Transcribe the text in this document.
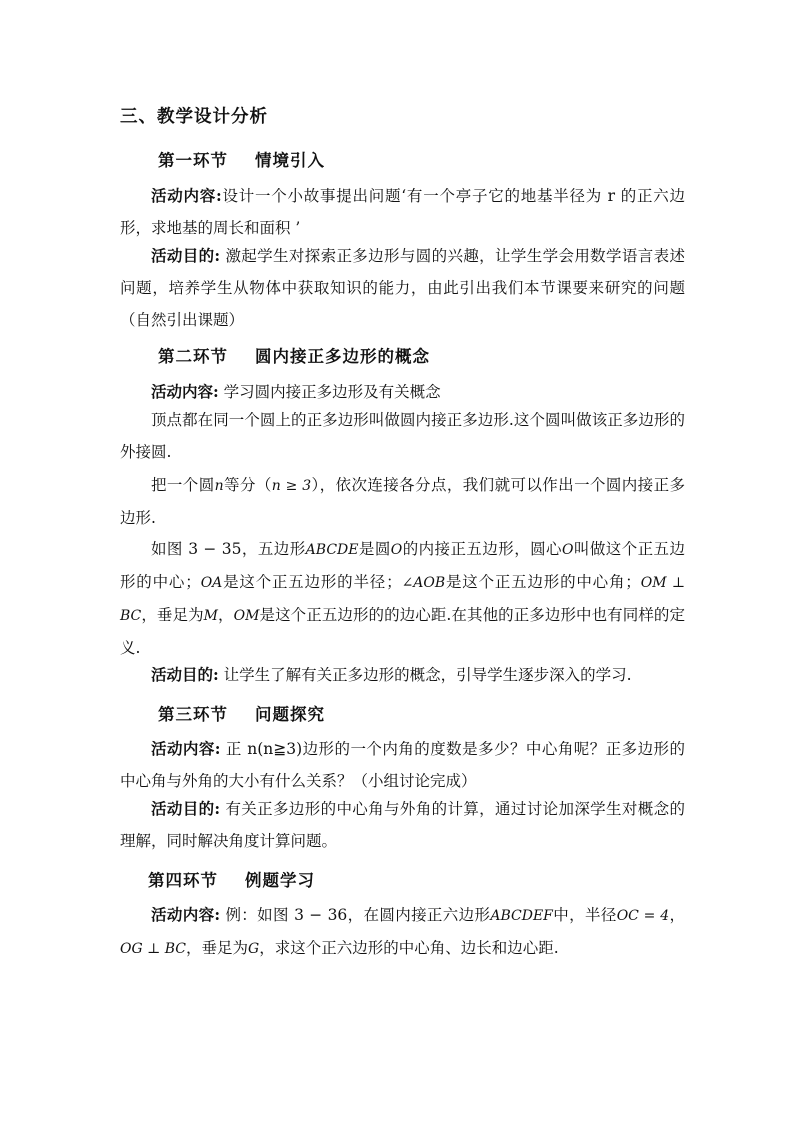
三、教学设计分析
第一环节    情境引入

活动内容:设计一个小故事提出问题‘有一个亭子它的地基半径为 r 的正六边形，求地基的周长和面积 ’

活动目的: 激起学生对探索正多边形与圆的兴趣，让学生学会用数学语言表述问题，培养学生从物体中获取知识的能力，由此引出我们本节课要来研究的问题（自然引出课题）

第二环节    圆内接正多边形的概念

活动内容: 学习圆内接正多边形及有关概念

顶点都在同一个圆上的正多边形叫做圆内接正多边形.这个圆叫做该正多边形的外接圆.

把一个圆n等分（n ≥ 3），依次连接各分点，我们就可以作出一个圆内接正多边形.

如图 3 − 35，五边形ABCDE是圆O的内接正五边形，圆心O叫做这个正五边形的中心；OA是这个正五边形的半径；∠AOB是这个正五边形的中心角；OM ⊥ BC，垂足为M，OM是这个正五边形的的边心距.在其他的正多边形中也有同样的定义.

活动目的: 让学生了解有关正多边形的概念，引导学生逐步深入的学习.

第三环节    问题探究

活动内容: 正 n(n≧3)边形的一个内角的度数是多少？中心角呢？正多边形的中心角与外角的大小有什么关系？（小组讨论完成）

活动目的: 有关正多边形的中心角与外角的计算，通过讨论加深学生对概念的理解，同时解决角度计算问题。

第四环节    例题学习

活动内容: 例：如图 3 − 36，在圆内接正六边形ABCDEF中，半径OC = 4，OG ⊥ BC，垂足为G，求这个正六边形的中心角、边长和边心距.
